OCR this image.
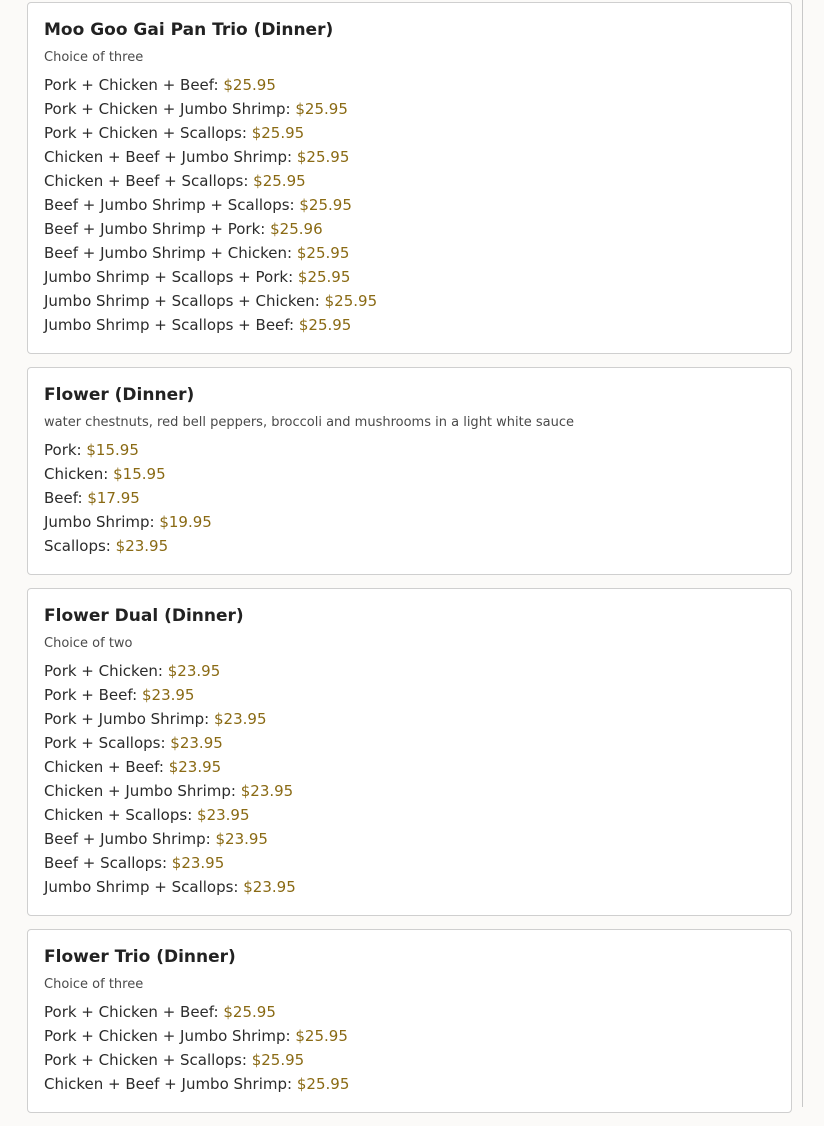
Moo Goo Gai Pan Trio (Dinner)
Choice of three
Pork + Chicken + Beef: $25.95
Pork + Chicken + Jumbo Shrimp: $25.95
Pork + Chicken + Scallops: $25.95
Chicken + Beef + Jumbo Shrimp: $25.95
Chicken + Beef + Scallops: $25.95
Beef + Jumbo Shrimp + Scallops: $25.95
Beef + Jumbo Shrimp + Pork: $25.96
Beef + Jumbo Shrimp + Chicken: $25.95
Jumbo Shrimp + Scallops + Pork: $25.95
Jumbo Shrimp + Scallops + Chicken: $25.95
Jumbo Shrimp + Scallops + Beef: $25.95
Flower (Dinner)
water chestnuts, red bell peppers, broccoli and mushrooms in a light white sauce
Pork: $15.95
Chicken: $15.95
Beef: $17.95
Jumbo Shrimp: $19.95
Scallops: $23.95
Flower Dual (Dinner)
Choice of two
Pork + Chicken: $23.95
Pork + Beef: $23.95
Pork + Jumbo Shrimp: $23.95
Pork + Scallops: $23.95
Chicken + Beef: $23.95
Chicken + Jumbo Shrimp: $23.95
Chicken + Scallops: $23.95
Beef + Jumbo Shrimp: $23.95
Beef + Scallops: $23.95
Jumbo Shrimp + Scallops: $23.95
Flower Trio (Dinner)
Choice of three
Pork + Chicken + Beef: $25.95
Pork + Chicken + Jumbo Shrimp: $25.95
Pork + Chicken + Scallops: $25.95
Chicken + Beef + Jumbo Shrimp: $25.95
